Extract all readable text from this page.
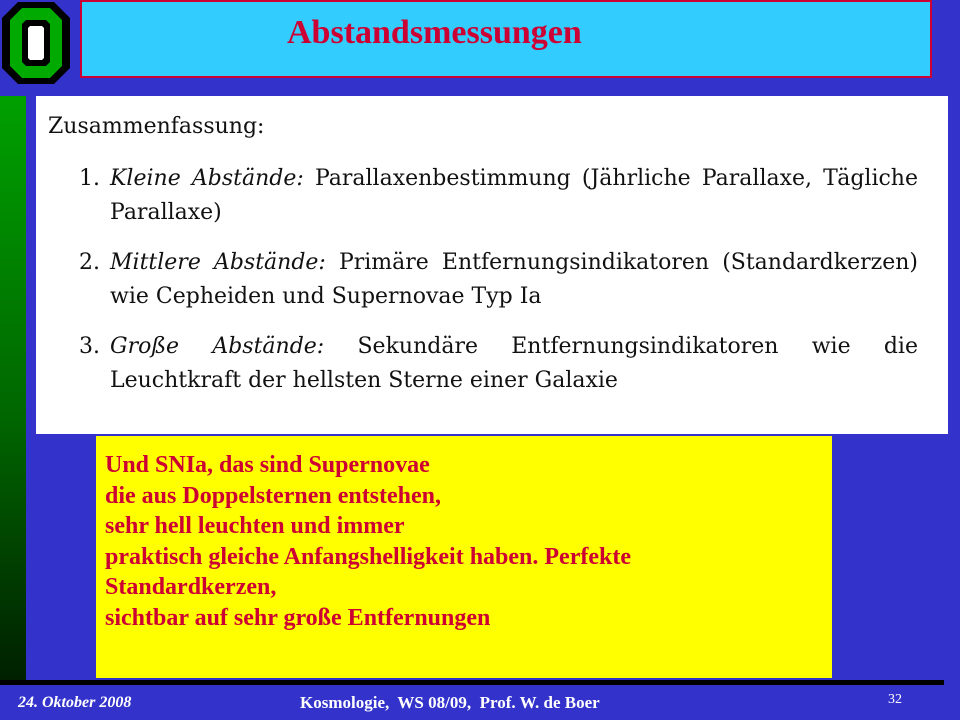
Abstandsmessungen
Zusammenfassung:
1. Kleine Abstände: Parallaxenbestimmung (Jährliche Parallaxe, Tägliche Parallaxe)
2. Mittlere Abstände: Primäre Entfernungsindikatoren (Standardkerzen) wie Cepheiden und Supernovae Typ Ia
3. Große Abstände: Sekundäre Entfernungsindikatoren wie die Leuchtkraft der hellsten Sterne einer Galaxie
Und SNIa, das sind Supernovae
die aus Doppelsternen entstehen,
sehr hell leuchten und immer
praktisch gleiche Anfangshelligkeit haben. Perfekte
Standardkerzen,
sichtbar auf sehr große Entfernungen
24. Oktober 2008	Kosmologie,  WS 08/09,  Prof. W. de Boer	32
